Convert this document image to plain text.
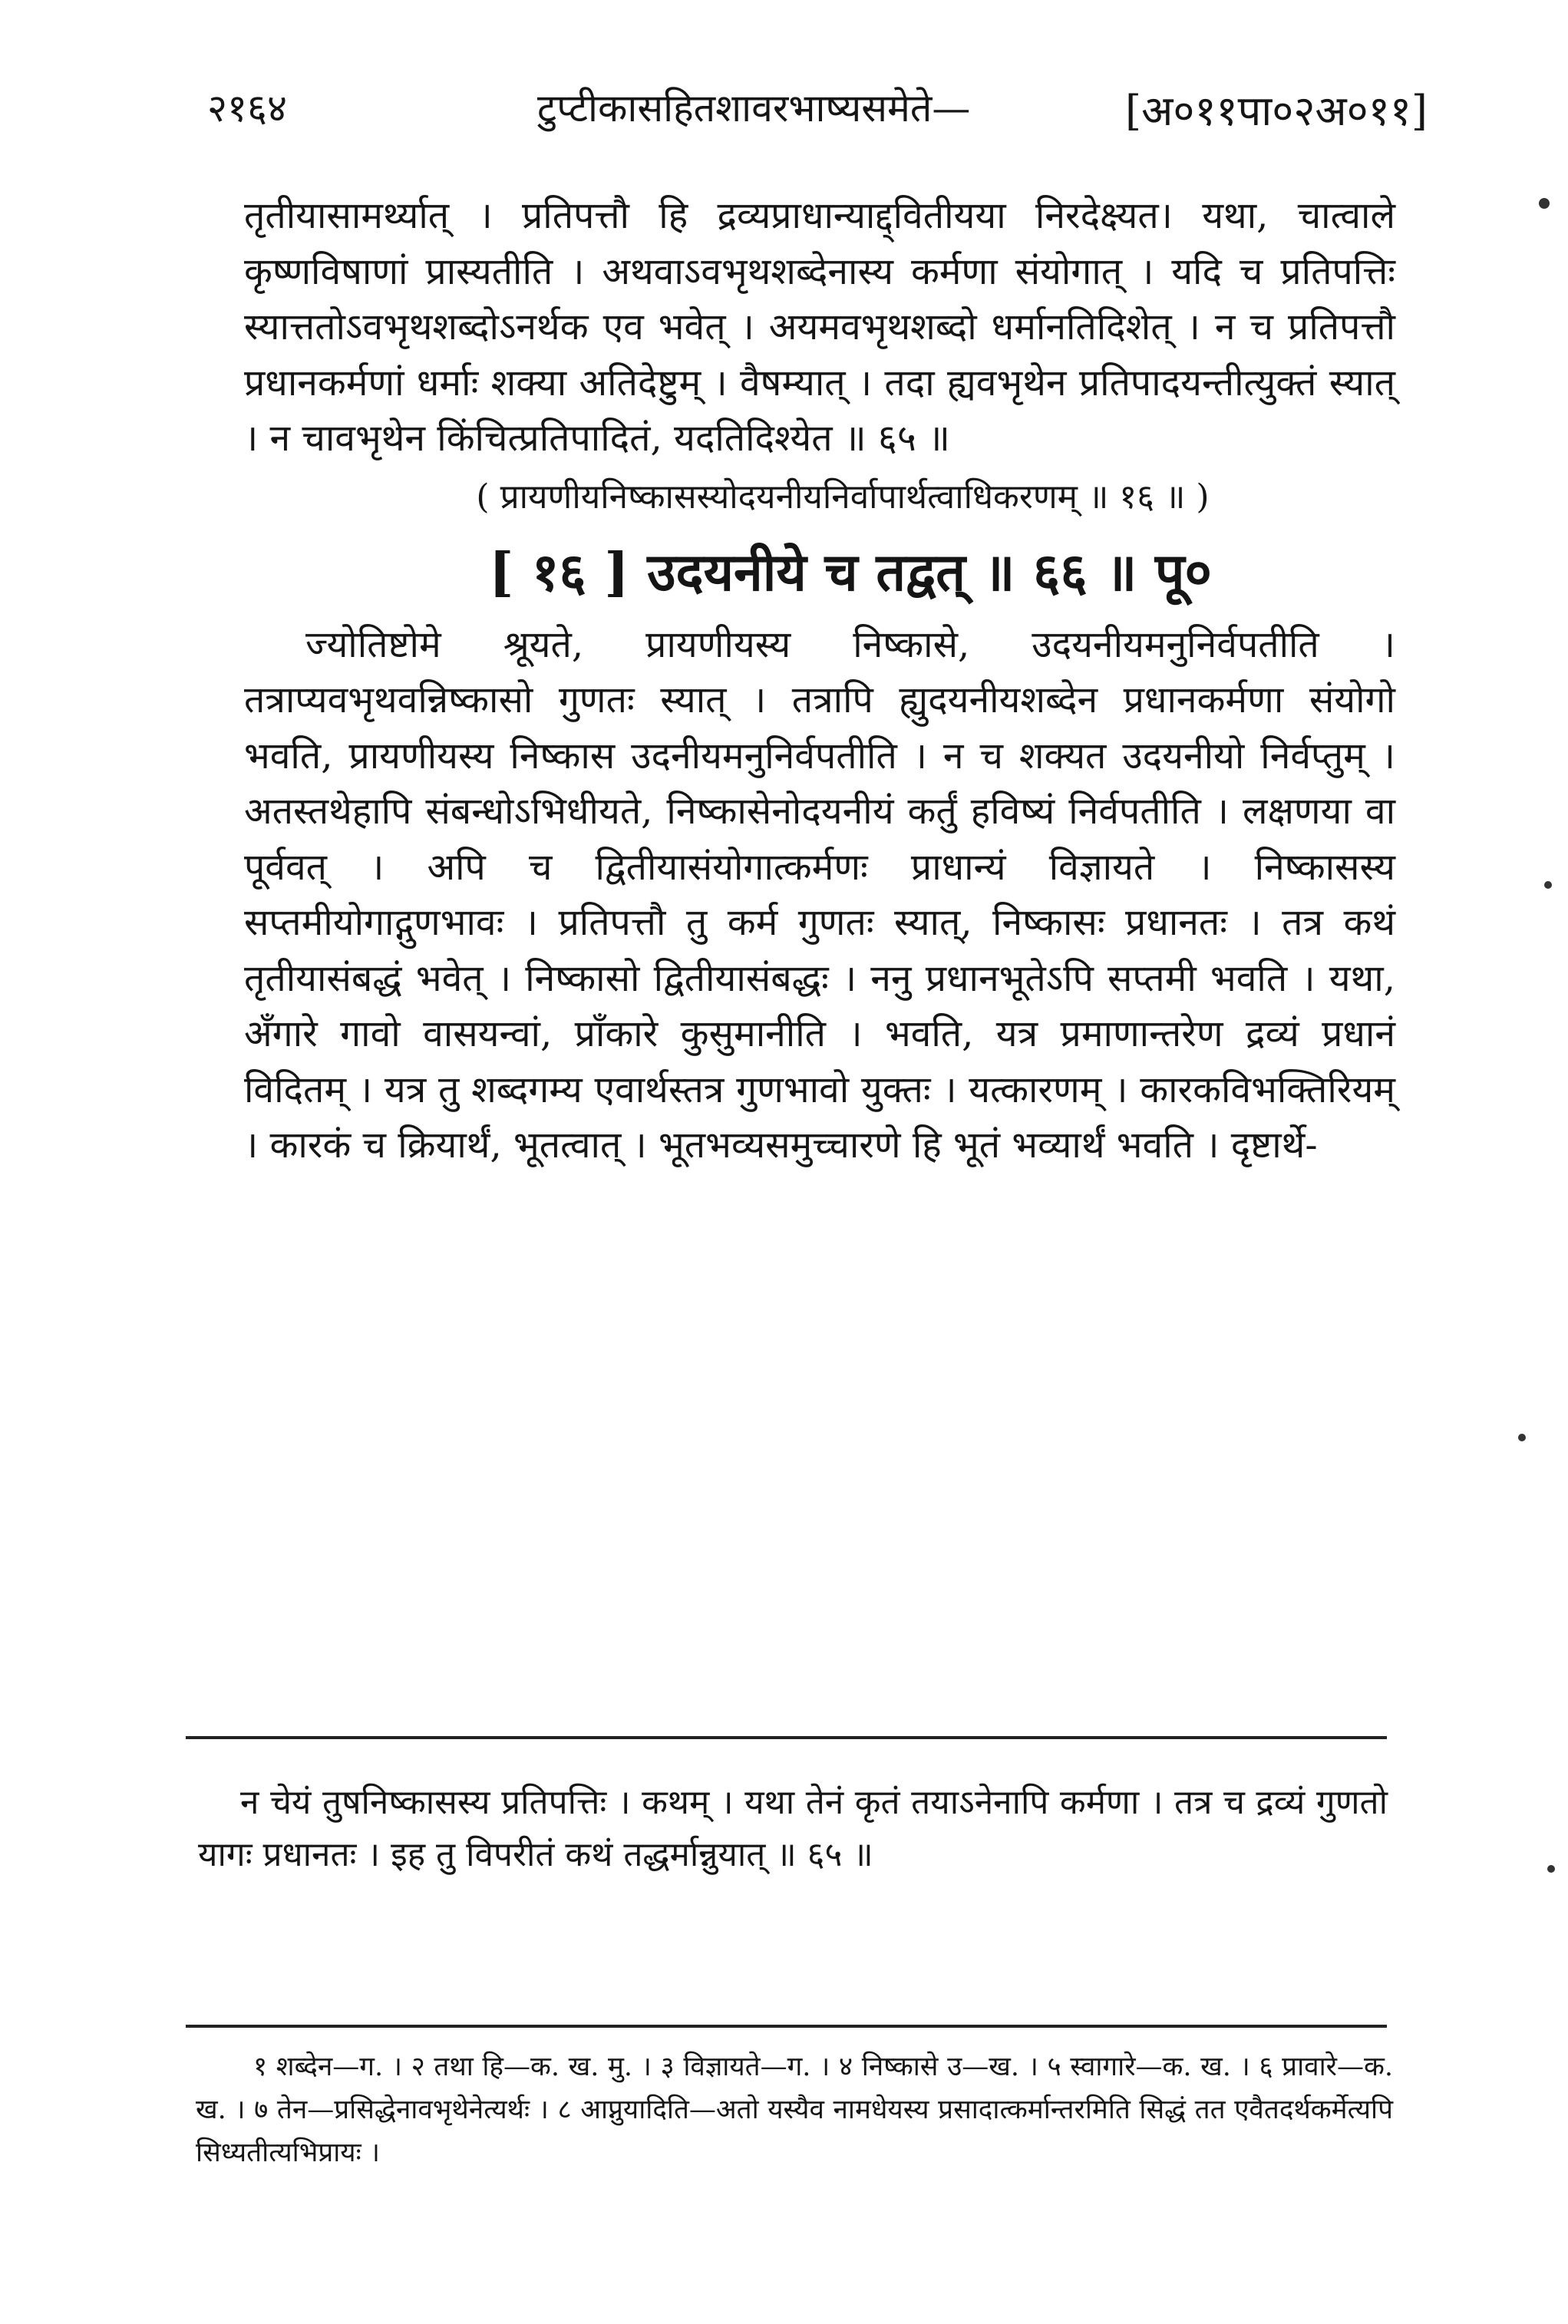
२१६४	टुप्टीकासहितशावरभाष्यसमेते—	[अ०११पा०२अ०११]

तृतीयासामर्थ्यात् । प्रतिपत्तौ हि द्रव्यप्राधान्याद्द्वितीयया निरदेक्ष्यत। यथा, चात्वाले कृष्णविषाणां प्रास्यतीति । अथवाऽवभृथशब्देनास्य कर्मणा संयोगात् । यदि च प्रतिपत्तिः स्यात्ततोऽवभृथशब्दोऽनर्थक एव भवेत् । अयमवभृथशब्दो धर्मानतिदिशेत् । न च प्रतिपत्तौ प्रधानकर्मणां धर्माः शक्या अतिदेष्टुम् । वैषम्यात् । तदा ह्यवभृथेन प्रतिपादयन्तीत्युक्तं स्यात् । न चावभृथेन किंचित्प्रतिपादितं, यदतिदिश्येत ॥ ६५ ॥

( प्रायणीयनिष्कासस्योदयनीयनिर्वापार्थत्वाधिकरणम् ॥ १६ ॥ )

[ १६ ] उदयनीये च तद्वत् ॥ ६६ ॥ पू०

ज्योतिष्टोमे श्रूयते, प्रायणीयस्य निष्कासे, उदयनीयमनुनिर्वपतीति । तत्राप्यवभृथवन्निष्कासो गुणतः स्यात् । तत्रापि ह्युदयनीयशब्देन प्रधानकर्मणा संयोगो भवति, प्रायणीयस्य निष्कास उदनीयमनुनिर्वपतीति । न च शक्यत उदयनीयो निर्वप्तुम् । अतस्तथेहापि संबन्धोऽभिधीयते, निष्कासेनोदयनीयं कर्तुं हविष्यं निर्वपतीति । लक्षणया वा पूर्ववत् । अपि च द्वितीयासंयोगात्कर्मणः प्राधान्यं विज्ञायते । निष्कासस्य सप्तमीयोगाद्गुणभावः । प्रतिपत्तौ तु कर्म गुणतः स्यात्, निष्कासः प्रधानतः । तत्र कथं तृतीयासंबद्धं भवेत् । निष्कासो द्वितीयासंबद्धः । ननु प्रधानभूतेऽपि सप्तमी भवति । यथा, अँगारे गावो वासयन्वां, प्राँकारे कुसुमानीति । भवति, यत्र प्रमाणान्तरेण द्रव्यं प्रधानं विदितम् । यत्र तु शब्दगम्य एवार्थस्तत्र गुणभावो युक्तः । यत्कारणम् । कारकविभक्तिरियम् । कारकं च क्रियार्थं, भूतत्वात् । भूतभव्यसमुच्चारणे हि भूतं भव्यार्थं भवति । दृष्टार्थे-

न चेयं तुषनिष्कासस्य प्रतिपत्तिः । कथम् । यथा तेनं कृतं तयाऽनेनापि कर्मणा । तत्र च द्रव्यं गुणतो यागः प्रधानतः । इह तु विपरीतं कथं तद्धर्मान्नुयात् ॥ ६५ ॥

१ शब्देन—ग. । २ तथा हि—क. ख. मु. । ३ विज्ञायते—ग. । ४ निष्कासे उ—ख. । ५ स्वागारे—क. ख. । ६ प्रावारे—क. ख. । ७ तेन—प्रसिद्धेनावभृथेनेत्यर्थः । ८ आप्नुयादिति—अतो यस्यैव नामधेयस्य प्रसादात्कर्मान्तरमिति सिद्धं तत एवैतदर्थकर्मेत्यपि सिध्यतीत्यभिप्रायः ।
